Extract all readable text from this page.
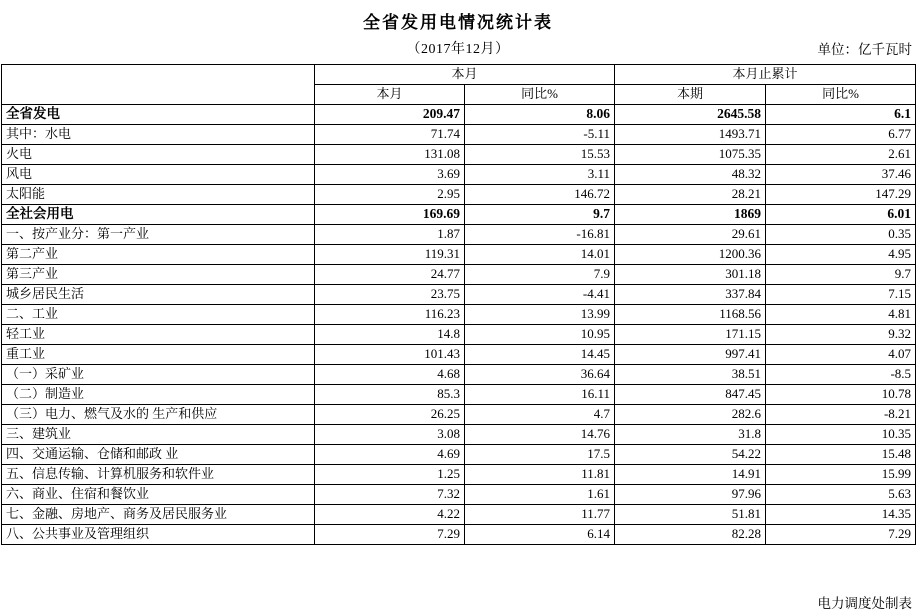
全省发用电情况统计表
（2017年12月）	单位：亿千瓦时
	本月		本月止累计	
	本月	同比%	本期	同比%
全省发电	209.47	8.06	2645.58	6.1
其中：水电	71.74	-5.11	1493.71	6.77
火电	131.08	15.53	1075.35	2.61
风电	3.69	3.11	48.32	37.46
太阳能	2.95	146.72	28.21	147.29
全社会用电	169.69	9.7	1869	6.01
一、按产业分：第一产业	1.87	-16.81	29.61	0.35
第二产业	119.31	14.01	1200.36	4.95
第三产业	24.77	7.9	301.18	9.7
城乡居民生活	23.75	-4.41	337.84	7.15
二、工业	116.23	13.99	1168.56	4.81
轻工业	14.8	10.95	171.15	9.32
重工业	101.43	14.45	997.41	4.07
（一）采矿业	4.68	36.64	38.51	-8.5
（二）制造业	85.3	16.11	847.45	10.78
（三）电力、燃气及水的 生产和供应	26.25	4.7	282.6	-8.21
三、建筑业	3.08	14.76	31.8	10.35
四、交通运输、仓储和邮政 业	4.69	17.5	54.22	15.48
五、信息传输、计算机服务和软件业	1.25	11.81	14.91	15.99
六、商业、住宿和餐饮业	7.32	1.61	97.96	5.63
七、金融、房地产、商务及居民服务业	4.22	11.77	51.81	14.35
八、公共事业及管理组织	7.29	6.14	82.28	7.29
电力调度处制表
